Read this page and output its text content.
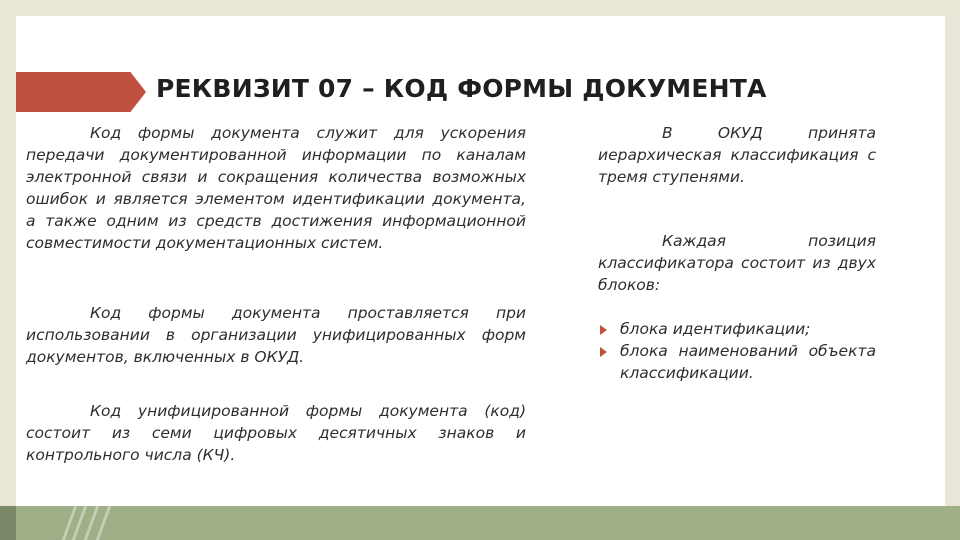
РЕКВИЗИТ 07 – КОД ФОРМЫ ДОКУМЕНТА

Код формы документа служит для ускорения передачи документированной информации по каналам электронной связи и сокращения количества возможных ошибок и является элементом идентификации документа, а также одним из средств достижения информационной совместимости документационных систем.

Код формы документа проставляется при использовании в организации унифицированных форм документов, включенных в ОКУД.

Код унифицированной формы документа (код) состоит из семи цифровых десятичных знаков и контрольного числа (КЧ).

В ОКУД принята иерархическая классификация с тремя ступенями.

Каждая позиция классификатора состоит из двух блоков:

блока идентификации;
блока наименований объекта классификации.
